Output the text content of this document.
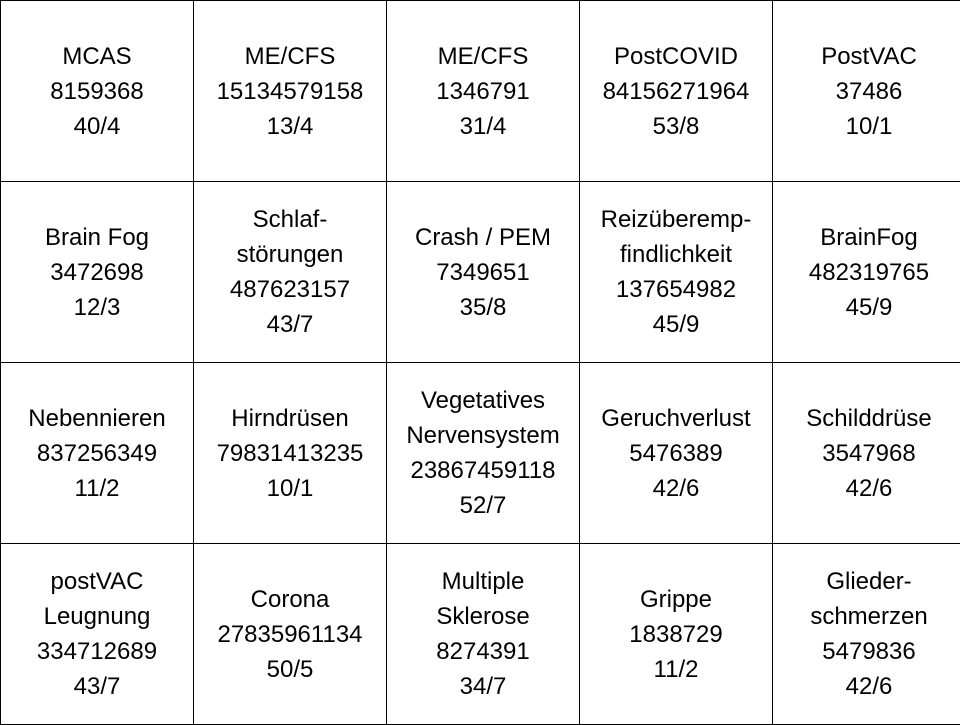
MCAS
8159368
40/4	ME/CFS
15134579158
13/4	ME/CFS
1346791
31/4	PostCOVID
84156271964
53/8	PostVAC
37486
10/1

Brain Fog
3472698
12/3	Schlaf-
störungen
487623157
43/7	Crash / PEM
7349651
35/8	Reizüberemp-
findlichkeit
137654982
45/9	BrainFog
482319765
45/9

Nebennieren
837256349
11/2	Hirndrüsen
79831413235
10/1	Vegetatives
Nervensystem
23867459118
52/7	Geruchverlust
5476389
42/6	Schilddrüse
3547968
42/6

postVAC
Leugnung
334712689
43/7	Corona
27835961134
50/5	Multiple
Sklerose
8274391
34/7	Grippe
1838729
11/2	Glieder-
schmerzen
5479836
42/6
